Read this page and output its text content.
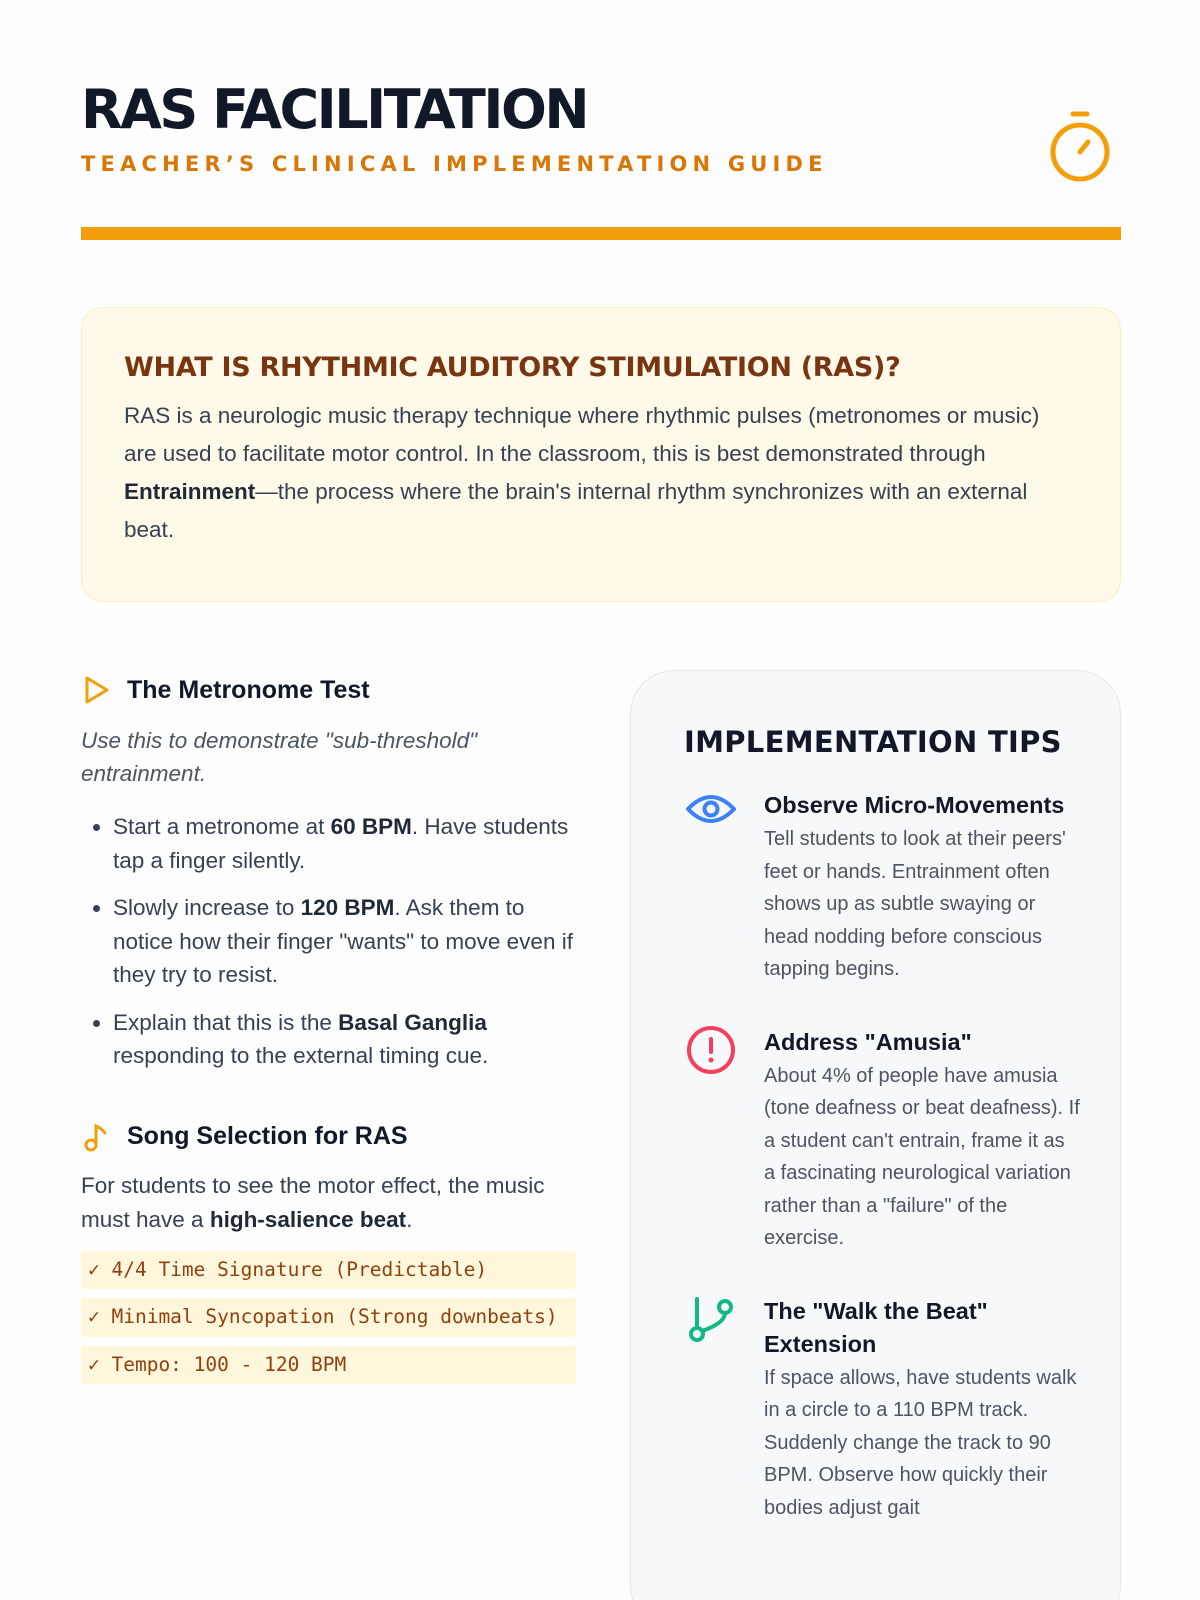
RAS FACILITATION
TEACHER’S CLINICAL IMPLEMENTATION GUIDE
WHAT IS RHYTHMIC AUDITORY STIMULATION (RAS)?

RAS is a neurologic music therapy technique where rhythmic pulses (metronomes or music) are used to facilitate motor control. In the classroom, this is best demonstrated through Entrainment—the process where the brain's internal rhythm synchronizes with an external beat.

The Metronome Test

Use this to demonstrate "sub-threshold" entrainment.

• Start a metronome at 60 BPM. Have students tap a finger silently.
• Slowly increase to 120 BPM. Ask them to notice how their finger "wants" to move even if they try to resist.
• Explain that this is the Basal Ganglia responding to the external timing cue.
Song Selection for RAS

For students to see the motor effect, the music must have a high-salience beat.

✓ 4/4 Time Signature (Predictable)
✓ Minimal Syncopation (Strong downbeats)
✓ Tempo: 100 - 120 BPM
IMPLEMENTATION TIPS
Observe Micro-Movements

Tell students to look at their peers' feet or hands. Entrainment often shows up as subtle swaying or head nodding before conscious tapping begins.

Address "Amusia"

About 4% of people have amusia (tone deafness or beat deafness). If a student can't entrain, frame it as a fascinating neurological variation rather than a "failure" of the exercise.

The "Walk the Beat" Extension

If space allows, have students walk in a circle to a 110 BPM track. Suddenly change the track to 90 BPM. Observe how quickly their bodies adjust gait
